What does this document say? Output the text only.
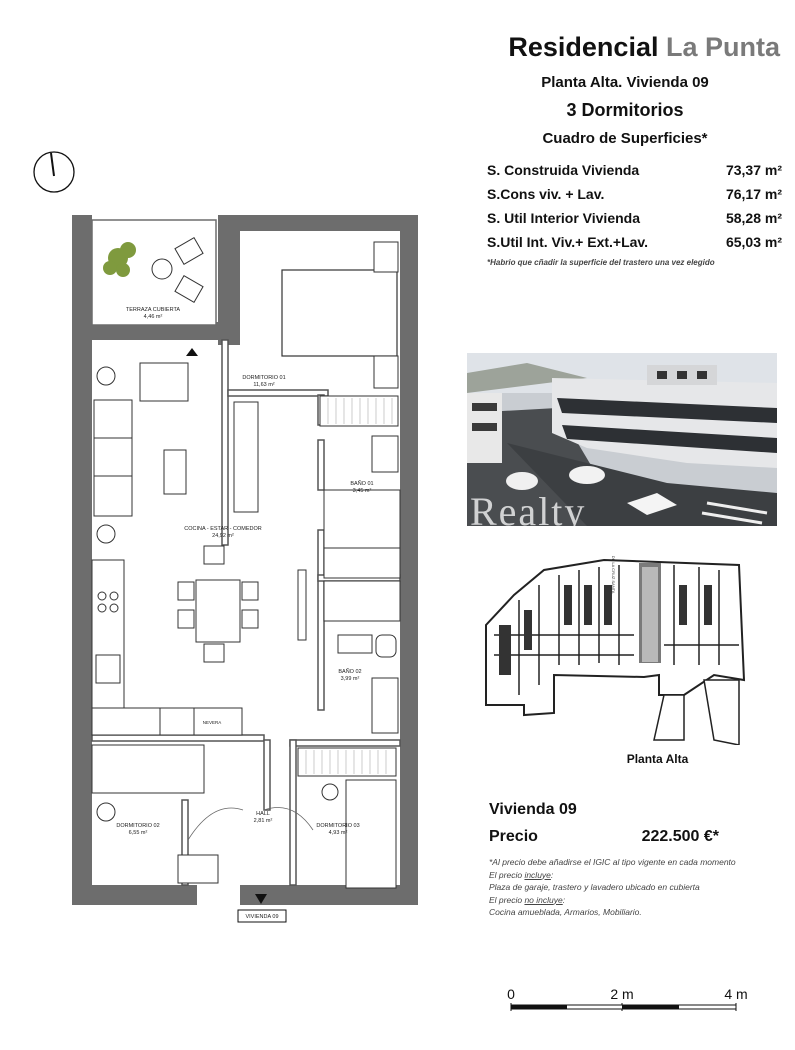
Residencial La Punta
Planta Alta. Vivienda 09
3 Dormitorios
Cuadro de Superficies*
S. Construida Vivienda	73,37 m²
S.Cons viv. + Lav.	76,17 m²
S. Util Interior Vivienda	58,28 m²
S.Util Int. Viv.+ Ext.+Lav.	65,03 m²
*Habrio que cñadir la superficie del trastero una vez elegido
Realty
CALLE REAL DE LA CRUZ SANTA
Planta Alta
Vivienda 09
Precio	222.500 €*
*Al precio debe añadirse el IGIC al tipo vigente en cada momento
El precio incluye:
Plaza de garaje, trastero y lavadero ubicado en cubierta
El precio no incluye:
Cocina amueblada, Armarios, Mobiliario.
0	2 m	4 m
TERRAZA CUBIERTA
4,46 m²
DORMITORIO 01
11,63 m²
BAÑO 01
3,45 m²
BAÑO 02
3,99 m²
COCINA - ESTAR - COMEDOR
24,92 m²
NEVERA
DORMITORIO 02
6,55 m²
HALL
2,81 m²
DORMITORIO 03
4,93 m²
VIVIENDA 09
